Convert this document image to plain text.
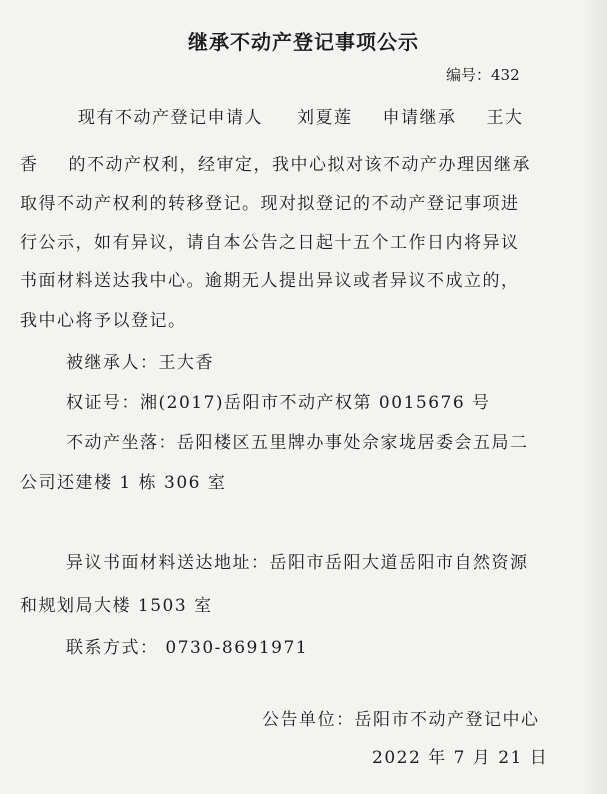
继承不动产登记事项公示
编号：432
现有不动产登记申请人 刘夏莲 申请继承 王大
香 的不动产权利，经审定，我中心拟对该不动产办理因继承
取得不动产权利的转移登记。现对拟登记的不动产登记事项进
行公示，如有异议，请自本公告之日起十五个工作日内将异议
书面材料送达我中心。逾期无人提出异议或者异议不成立的，
我中心将予以登记。
被继承人：王大香
权证号：湘(2017)岳阳市不动产权第 0015676 号
不动产坐落：岳阳楼区五里牌办事处佘家垅居委会五局二
公司还建楼 1 栋 306 室
异议书面材料送达地址：岳阳市岳阳大道岳阳市自然资源
和规划局大楼 1503 室
联系方式： 0730-8691971
公告单位：岳阳市不动产登记中心
2022 年 7 月 21 日
